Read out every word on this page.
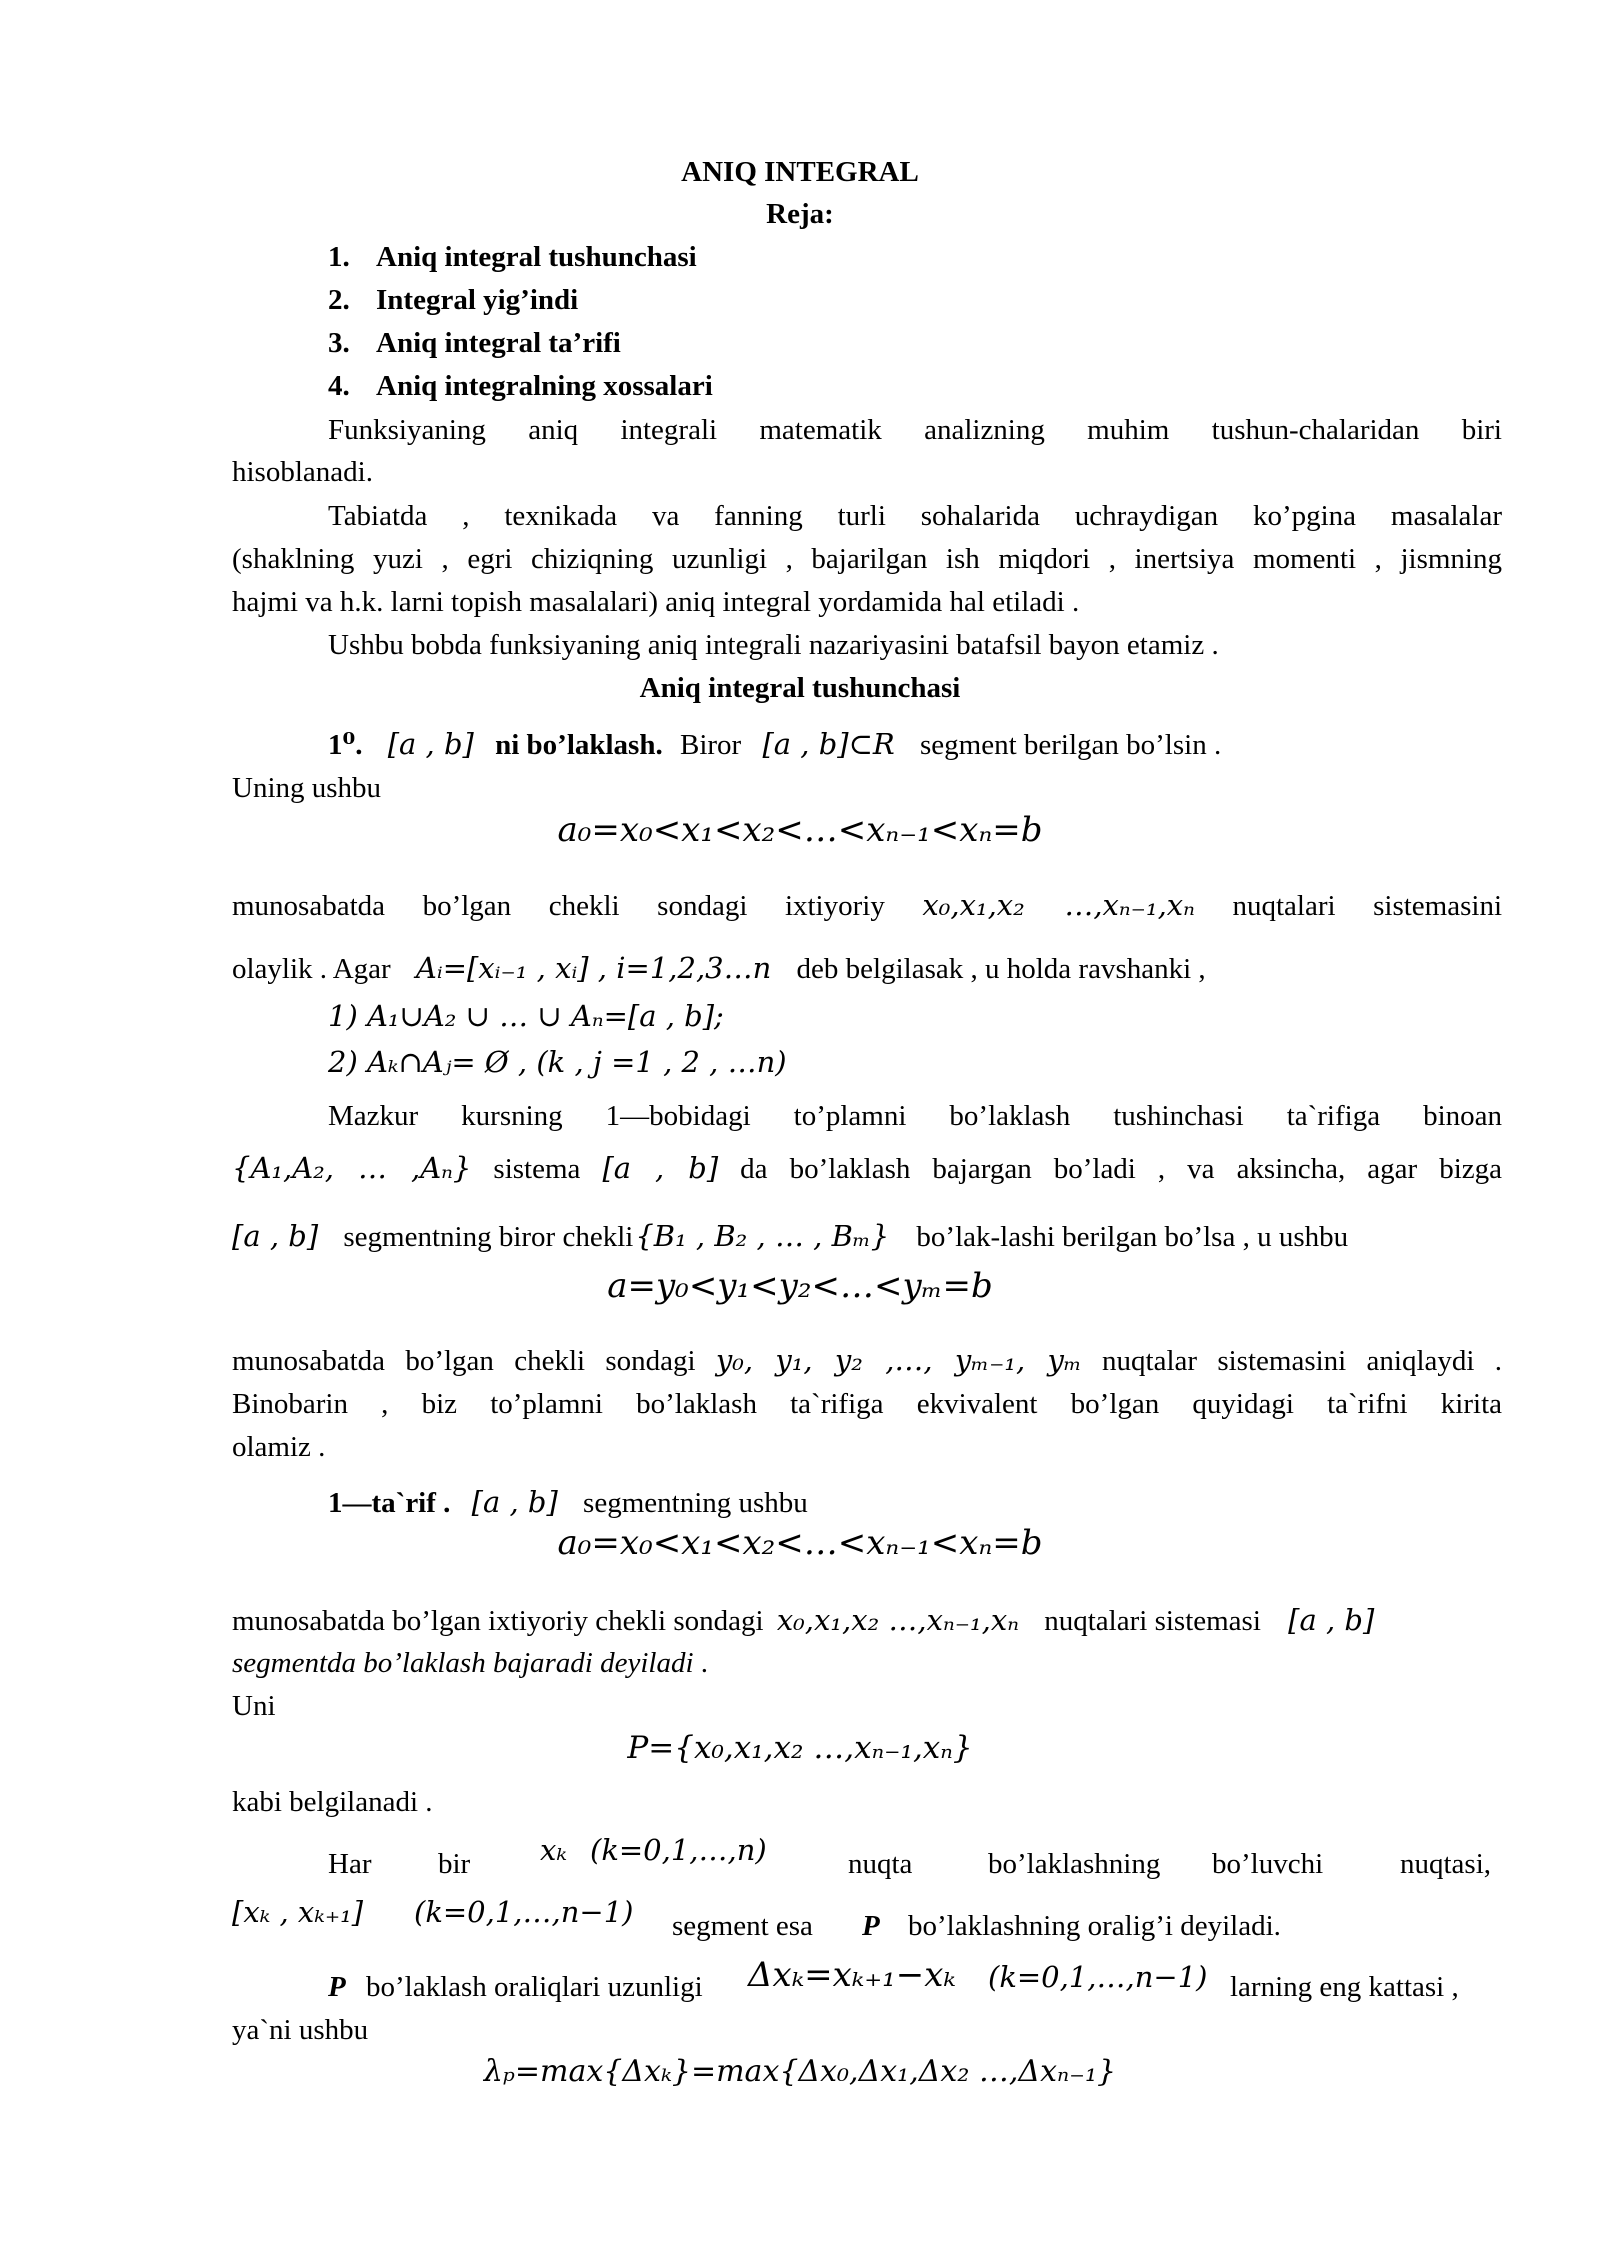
ANIQ INTEGRAL
Reja:
1. Aniq integral tushunchasi
2. Integral yig’indi
3. Aniq integral ta’rifi
4. Aniq integralning xossalari
Funksiyaning aniq integrali matematik analizning muhim tushun-chalaridan biri
hisoblanadi.
Tabiatda , texnikada va fanning turli sohalarida uchraydigan ko’pgina masalalar
(shaklning yuzi , egri chiziqning uzunligi , bajarilgan ish miqdori , inertsiya momenti , jismning
hajmi va h.k. larni topish masalalari) aniq integral yordamida hal etiladi .
Ushbu bobda funksiyaning aniq integrali nazariyasini batafsil bayon etamiz .
Aniq integral tushunchasi
1⁰. [a , b] ni bo’laklash. Biror [a , b]⊂R segment berilgan bo’lsin .
Uning ushbu
a₀=x₀<x₁<x₂<…<xₙ₋₁<xₙ=b
munosabatda bo’lgan chekli sondagi ixtiyoriy x₀,x₁,x₂ …,xₙ₋₁,xₙ nuqtalari sistemasini
olaylik . Agar Aᵢ=[xᵢ₋₁ , xᵢ] , i=1,2,3…n deb belgilasak , u holda ravshanki ,
1) A₁∪A₂ ∪ … ∪ Aₙ=[a , b];
2) Aₖ∩Aⱼ= Ø , (k , j =1 , 2 , …n)
Mazkur kursning 1—bobidagi to’plamni bo’laklash tushinchasi ta`rifiga binoan
{A₁,A₂, … ,Aₙ} sistema [a , b] da bo’laklash bajargan bo’ladi , va aksincha, agar bizga
[a , b] segmentning biror chekli{B₁ , B₂ , … , Bₘ} bo’lak-lashi berilgan bo’lsa , u ushbu
a=y₀<y₁<y₂<…<yₘ=b
munosabatda bo’lgan chekli sondagi y₀, y₁, y₂ ,…, yₘ₋₁, yₘ nuqtalar sistemasini aniqlaydi .
Binobarin , biz to’plamni bo’laklash ta`rifiga ekvivalent bo’lgan quyidagi ta`rifni kirita
olamiz .
1—ta`rif . [a , b] segmentning ushbu
a₀=x₀<x₁<x₂<…<xₙ₋₁<xₙ=b
munosabatda bo’lgan ixtiyoriy chekli sondagi x₀,x₁,x₂ …,xₙ₋₁,xₙ nuqtalari sistemasi [a , b]
segmentda bo’laklash bajaradi deyiladi .
Uni
P={x₀,x₁,x₂ …,xₙ₋₁,xₙ}
kabi belgilanadi .
Har bir xₖ (k=0,1,…,n)	nuqta	bo’laklashning bo’luvchi	nuqtasi,
[xₖ , xₖ₊₁] (k=0,1,…,n−1) segment esa P bo’laklashning oralig’i deyiladi.
P bo’laklash oraliqlari uzunligi Δxₖ=xₖ₊₁−xₖ (k=0,1,…,n−1) larning eng kattasi ,
ya`ni ushbu
λₚ=max{Δxₖ}=max{Δx₀,Δx₁,Δx₂ …,Δxₙ₋₁}
